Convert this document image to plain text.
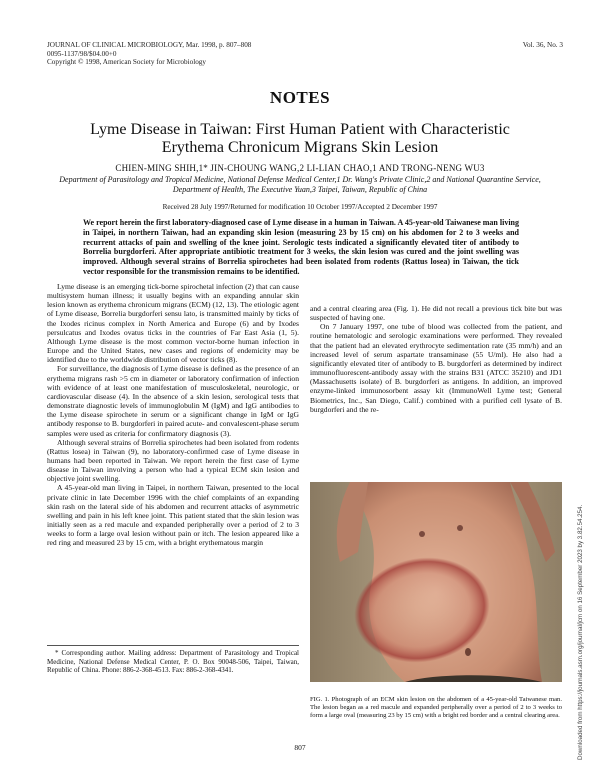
JOURNAL OF CLINICAL MICROBIOLOGY, Mar. 1998, p. 807–808
0095-1137/98/$04.00+0
Copyright © 1998, American Society for Microbiology
Vol. 36, No. 3
NOTES
Lyme Disease in Taiwan: First Human Patient with Characteristic Erythema Chronicum Migrans Skin Lesion
CHIEN-MING SHIH,1* JIN-CHOUNG WANG,2 LI-LIAN CHAO,1 AND TRONG-NENG WU3
Department of Parasitology and Tropical Medicine, National Defense Medical Center,1 Dr. Wang's Private Clinic,2 and National Quarantine Service, Department of Health, The Executive Yuan,3 Taipei, Taiwan, Republic of China
Received 28 July 1997/Returned for modification 10 October 1997/Accepted 2 December 1997
We report herein the first laboratory-diagnosed case of Lyme disease in a human in Taiwan. A 45-year-old Taiwanese man living in Taipei, in northern Taiwan, had an expanding skin lesion (measuring 23 by 15 cm) on his abdomen for 2 to 3 weeks and recurrent attacks of pain and swelling of the knee joint. Serologic tests indicated a significantly elevated titer of antibody to Borrelia burgdorferi. After appropriate antibiotic treatment for 3 weeks, the skin lesion was cured and the joint swelling was improved. Although several strains of Borrelia spirochetes had been isolated from rodents (Rattus losea) in Taiwan, the tick vector responsible for the transmission remains to be identified.

Lyme disease is an emerging tick-borne spirochetal infection (2) that can cause multisystem human illness; it usually begins with an expanding annular skin lesion known as erythema chronicum migrans (ECM) (12, 13). The etiologic agent of Lyme disease, Borrelia burgdorferi sensu lato, is transmitted mainly by ticks of the Ixodes ricinus complex in North America and Europe (6) and by Ixodes persulcatus and Ixodes ovatus ticks in the countries of Far East Asia (1, 5). Although Lyme disease is the most common vector-borne human infection in Europe and the United States, new cases and regions of endemicity may be identified due to the worldwide distribution of vector ticks (8).

For surveillance, the diagnosis of Lyme disease is defined as the presence of an erythema migrans rash >5 cm in diameter or laboratory confirmation of infection with evidence of at least one manifestation of musculoskeletal, neurologic, or cardiovascular disease (4). In the absence of a skin lesion, serological tests that demonstrate diagnostic levels of immunoglobulin M (IgM) and IgG antibodies to the Lyme disease spirochete in serum or a significant change in IgM or IgG antibody response to B. burgdorferi in paired acute- and convalescent-phase serum samples were used as criteria for confirmatory diagnosis (3).

Although several strains of Borrelia spirochetes had been isolated from rodents (Rattus losea) in Taiwan (9), no laboratory-confirmed case of Lyme disease in humans had been reported in Taiwan. We report herein the first case of Lyme disease in Taiwan involving a person who had a typical ECM skin lesion and objective joint swelling.

A 45-year-old man living in Taipei, in northern Taiwan, presented to the local private clinic in late December 1996 with the chief complaints of an expanding skin rash on the lateral side of his abdomen and recurrent attacks of asymmetric swelling and pain in his left knee joint. This patient stated that the skin lesion was initially seen as a red macule and expanded peripherally over a period of 2 to 3 weeks to form a large oval lesion without pain or itch. The lesion appeared like a red ring and measured 23 by 15 cm, with a bright erythematous margin

* Corresponding author. Mailing address: Department of Parasitology and Tropical Medicine, National Defense Medical Center, P. O. Box 90048-506, Taipei, Taiwan, Republic of China. Phone: 886-2-368-4513. Fax: 886-2-368-4341.

and a central clearing area (Fig. 1). He did not recall a previous tick bite but was suspected of having one.

On 7 January 1997, one tube of blood was collected from the patient, and routine hematologic and serologic examinations were performed. They revealed that the patient had an elevated erythrocyte sedimentation rate (35 mm/h) and an increased level of serum aspartate transaminase (55 U/ml). He also had a significantly elevated titer of antibody to B. burgdorferi as determined by indirect immunofluorescent-antibody assay with the strains B31 (ATCC 35210) and JD1 (Massachusetts isolate) of B. burgdorferi as antigens. In addition, an improved enzyme-linked immunosorbent assay kit (ImmunoWell Lyme test; General Biometrics, Inc., San Diego, Calif.) combined with a purified cell lysate of B. burgdorferi and the re-

FIG. 1. Photograph of an ECM skin lesion on the abdomen of a 45-year-old Taiwanese man. The lesion began as a red macule and expanded peripherally over a period of 2 to 3 weeks to form a large oval (measuring 23 by 15 cm) with a bright red border and a central clearing area.
807	Downloaded from https://journals.asm.org/journal/jcm on 16 September 2023 by 3.82.54.254.
